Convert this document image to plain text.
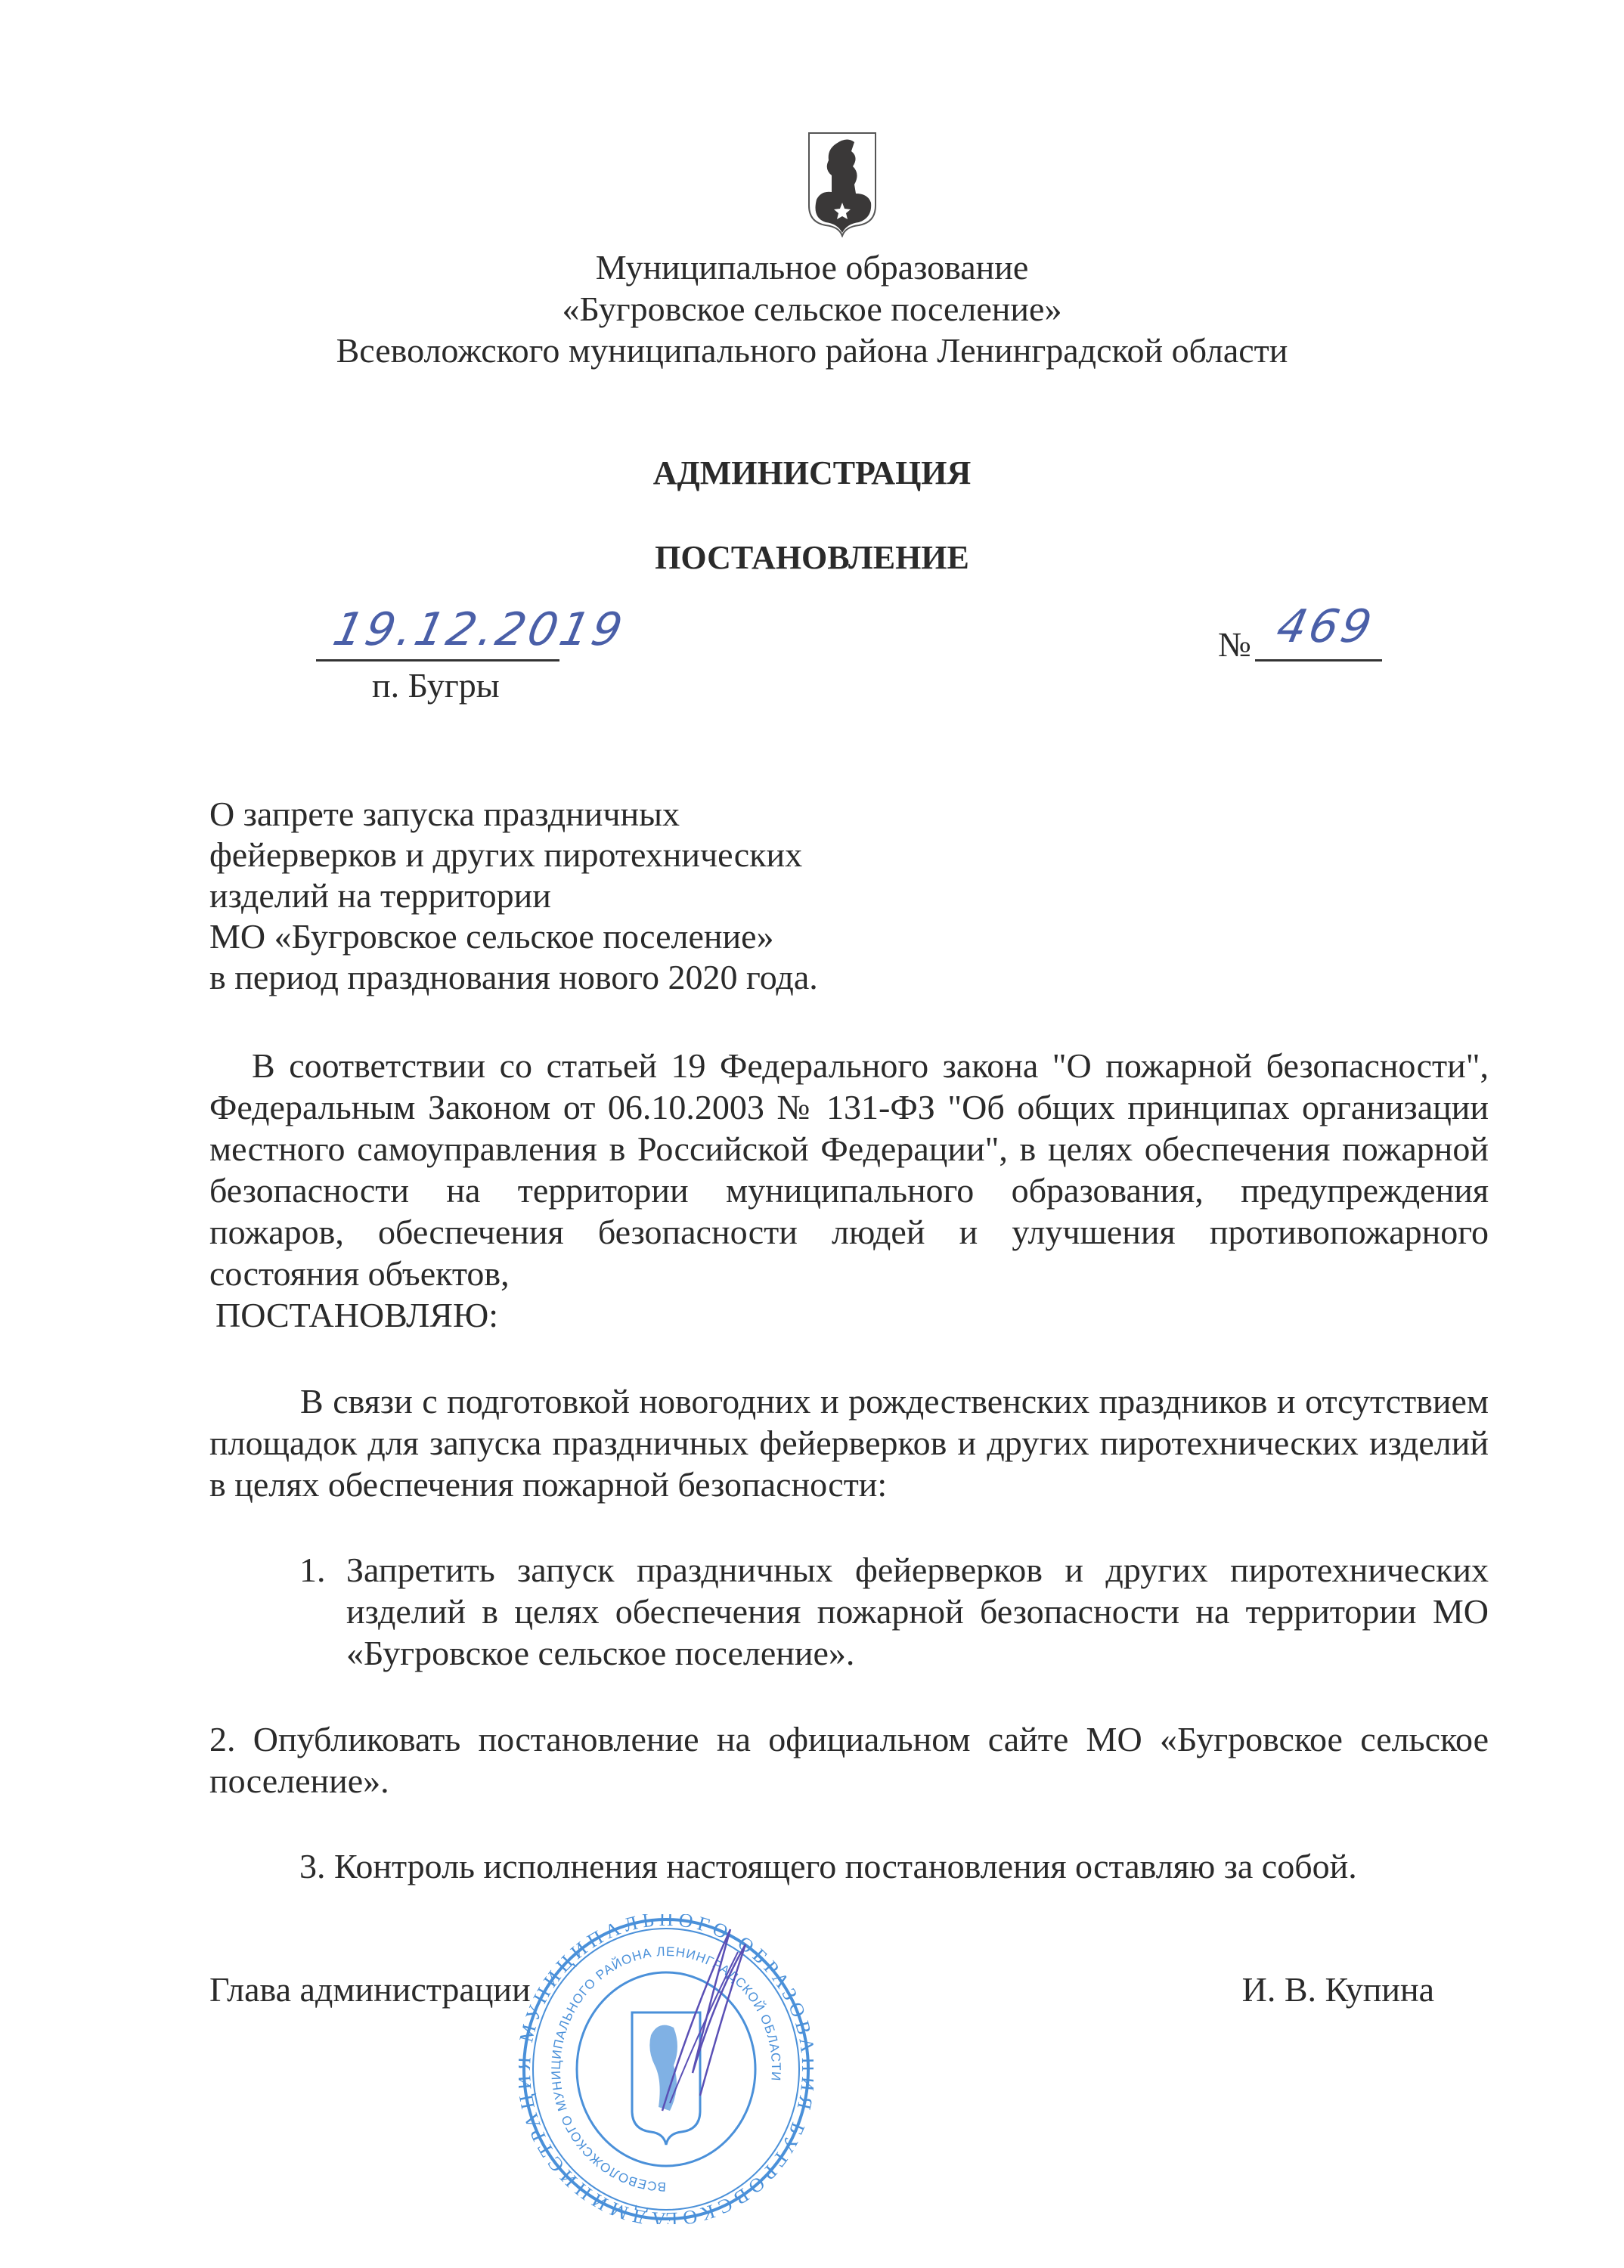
Муниципальное образование
«Бугровское сельское поселение»
Всеволожского муниципального района Ленинградской области
АДМИНИСТРАЦИЯ
ПОСТАНОВЛЕНИЕ
19.12.2019
п. Бугры
№ 469
О запрете запуска праздничных
фейерверков и других пиротехнических
изделий на территории
МО «Бугровское сельское поселение»
в период празднования нового 2020 года.

В соответствии со статьей 19 Федерального закона "О пожарной безопасности", Федеральным Законом от 06.10.2003 № 131-ФЗ "Об общих принципах организации местного самоуправления в Российской Федерации", в целях обеспечения пожарной безопасности на территории муниципального образования, предупреждения пожаров, обеспечения безопасности людей и улучшения противопожарного состояния объектов,

ПОСТАНОВЛЯЮ:

В связи с подготовкой новогодних и рождественских праздников и отсутствием площадок для запуска праздничных фейерверков и других пиротехнических изделий в целях обеспечения пожарной безопасности:

1. Запретить запуск праздничных фейерверков и других пиротехнических изделий в целях обеспечения пожарной безопасности на территории МО «Бугровское сельское поселение».
2. Опубликовать постановление на официальном сайте МО «Бугровское сельское поселение».
3. Контроль исполнения настоящего постановления оставляю за собой.
Глава администрации	И. В. Купина
АДМИНИСТРА УНИЦИПАЛЬНОГО ОБРАЗО БУГРОВСКОЕ
ВСЕВОЛОЖСКОГО МУНИЦИПАЛЬНОГО РАЙОНА ЛЕНИНГРАДСКОЙ ОБЛАСТИ
